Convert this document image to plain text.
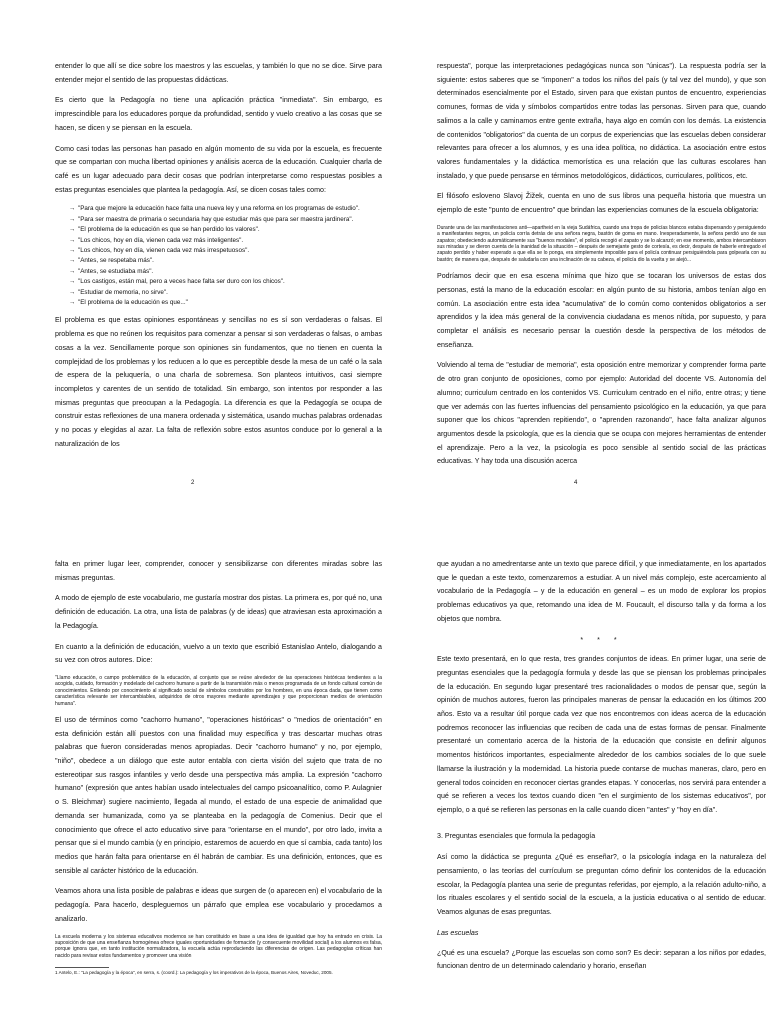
entender lo que allí se dice sobre los maestros y las escuelas, y también lo que no se dice. Sirve para entender mejor el sentido de las propuestas didácticas.

Es cierto que la Pedagogía no tiene una aplicación práctica "inmediata". Sin embargo, es imprescindible para los educadores porque da profundidad, sentido y vuelo creativo a las cosas que se hacen, se dicen y se piensan en la escuela.

Como casi todas las personas han pasado en algún momento de su vida por la escuela, es frecuente que se compartan con mucha libertad opiniones y análisis acerca de la educación. Cualquier charla de café es un lugar adecuado para decir cosas que podrían interpretarse como respuestas posibles a estas preguntas esenciales que plantea la pedagogía. Así, se dicen cosas tales como:

→ "Para que mejore la educación hace falta una nueva ley y una reforma en los programas de estudio".
→ "Para ser maestra de primaria o secundaria hay que estudiar más que para ser maestra jardinera".
→ "El problema de la educación es que se han perdido los valores".
→ "Los chicos, hoy en día, vienen cada vez más inteligentes".
→ "Los chicos, hoy en día, vienen cada vez más irrespetuosos".
→ "Antes, se respetaba más".
→ "Antes, se estudiaba más".
→ "Los castigos, están mal, pero a veces hace falta ser duro con los chicos".
→ "Estudiar de memoria, no sirve".
→ "El problema de la educación es que..."

El problema es que estas opiniones espontáneas y sencillas no es sí son verdaderas o falsas. El problema es que no reúnen los requisitos para comenzar a pensar si son verdaderas o falsas, o ambas cosas a la vez. Sencillamente porque son opiniones sin fundamentos, que no tienen en cuenta la complejidad de los problemas y los reducen a lo que es perceptible desde la mesa de un café o la sala de espera de la peluquería, o una charla de sobremesa. Son planteos intuitivos, casi siempre incompletos y carentes de un sentido de totalidad. Sin embargo, son intentos por responder a las mismas preguntas que preocupan a la Pedagogía. La diferencia es que la Pedagogía se ocupa de construir estas reflexiones de una manera ordenada y sistemática, usando muchas palabras ordenadas y no pocas y elegidas al azar. La falta de reflexión sobre estos asuntos conduce por lo general a la naturalización de los

2

respuesta", porque las interpretaciones pedagógicas nunca son "únicas"). La respuesta podría ser la siguiente: estos saberes que se "imponen" a todos los niños del país (y tal vez del mundo), y que son determinados esencialmente por el Estado, sirven para que existan puntos de encuentro, experiencias comunes, formas de vida y símbolos compartidos entre todas las personas. Sirven para que, cuando salimos a la calle y caminamos entre gente extraña, haya algo en común con los demás. La existencia de contenidos "obligatorios" da cuenta de un corpus de experiencias que las escuelas deben considerar relevantes para ofrecer a los alumnos, y es una idea política, no didáctica. La asociación entre estos valores fundamentales y la didáctica memorística es una relación que las culturas escolares han instalado, y que puede pensarse en términos metodológicos, didácticos, curriculares, políticos, etc.

El filósofo esloveno Slavoj Žižek, cuenta en uno de sus libros una pequeña historia que muestra un ejemplo de este "punto de encuentro" que brindan las experiencias comunes de la escuela obligatoria:

Durante una de las manifestaciones anti—apartheid en la vieja Sudáfrica, cuando una tropa de policías blancos estaba dispersando y persiguiendo a manifestantes negros, un policía corría detrás de una señora negra, bastón de goma en mano. Inesperadamente, la señora perdió uno de sus zapatos; obedeciendo automáticamente sus "buenos modales", el policía recogió el zapato y se lo alcanzó; en ese momento, ambos intercambiaron sus miradas y se dieron cuenta de la inanidad de la situación – después de semejante gesto de cortesía, es decir, después de haberle entregado el zapato perdido y haber esperado a que ella se lo ponga, era simplemente imposible para el policía continuar persiguiéndola para golpearla con su bastón; de manera que, después de saludarla con una inclinación de su cabeza, el policía dio la vuelta y se alejó...

Podríamos decir que en esa escena mínima que hizo que se tocaran los universos de estas dos personas, está la mano de la educación escolar: en algún punto de su historia, ambos tenían algo en común. La asociación entre esta idea "acumulativa" de lo común como contenidos obligatorios a ser aprendidos y la idea más general de la convivencia ciudadana es menos nítida, por supuesto, y para completar el análisis es necesario pensar la cuestión desde la perspectiva de los métodos de enseñanza.

Volviendo al tema de "estudiar de memoria", esta oposición entre memorizar y comprender forma parte de otro gran conjunto de oposiciones, como por ejemplo: Autoridad del docente VS. Autonomía del alumno; curriculum centrado en los contenidos VS. Curriculum centrado en el niño, entre otras; y tiene que ver además con las fuertes influencias del pensamiento psicológico en la educación, ya que para suponer que los chicos "aprenden repitiendo", o "aprenden razonando", hace falta analizar algunos argumentos desde la psicología, que es la ciencia que se ocupa con mejores herramientas de entender el aprendizaje. Pero a la vez, la psicología es poco sensible al sentido social de las prácticas educativas. Y hay toda una discusión acerca

4

falta en primer lugar leer, comprender, conocer y sensibilizarse con diferentes miradas sobre las mismas preguntas.

A modo de ejemplo de este vocabulario, me gustaría mostrar dos pistas. La primera es, por qué no, una definición de educación. La otra, una lista de palabras (y de ideas) que atraviesan esta aproximación a la Pedagogía.

En cuanto a la definición de educación, vuelvo a un texto que escribió Estanislao Antelo, dialogando a su vez con otros autores. Dice:

"Llamo educación, o campo problemático de la educación, al conjunto que se reúne alrededor de las operaciones históricas tendientes a la acogida, cuidado, formación y modelado del cachorro humano a partir de la transmisión más o menos programada de un fondo cultural común de conocimientos. Entiendo por conocimiento al significado social de símbolos construidos por los hombres, en una época dada, que tienen como característica relevante ser intercambiables, adquiridos de otros mayores mediante aprendizajes y que proporcionan medios de orientación humana".

El uso de términos como "cachorro humano", "operaciones históricas" o "medios de orientación" en esta definición están allí puestos con una finalidad muy específica y tras descartar muchas otras palabras que fueron consideradas menos apropiadas. Decir "cachorro humano" y no, por ejemplo, "niño", obedece a un diálogo que este autor entabla con cierta visión del sujeto que trata de no estereotipar sus rasgos infantiles y verlo desde una perspectiva más amplia. La expresión "cachorro humano" (expresión que antes habían usado intelectuales del campo psicoanalítico, como P. Aulagnier o S. Bleichmar) sugiere nacimiento, llegada al mundo, el estado de una especie de animalidad que demanda ser humanizada, como ya se planteaba en la pedagogía de Comenius. Decir que el conocimiento que ofrece el acto educativo sirve para "orientarse en el mundo", por otro lado, invita a pensar que si el mundo cambia (y en principio, estaremos de acuerdo en que sí cambia, cada tanto) los medios que harán falta para orientarse en él habrán de cambiar. Es una definición, entonces, que es sensible al carácter histórico de la educación.

Veamos ahora una lista posible de palabras e ideas que surgen de (o aparecen en) el vocabulario de la pedagogía. Para hacerlo, despleguemos un párrafo que emplea ese vocabulario y procedamos a analizarlo.

La escuela moderna y los sistemas educativos modernos se han constituido en base a una idea de igualdad que hoy ha entrado en crisis. La suposición de que una enseñanza homogénea ofrece iguales oportunidades de formación (y consecuente movilidad social) a los alumnos es falsa, porque ignora que, en tanto institución normalizadora, la escuela actúa reproduciendo las diferencias de origen. Las pedagogías críticas han nacido para revisar estos fundamentos y promover una visión

1 Antelo, E.: "La pedagogía y la época", en serra, s. (coord.): La pedagogía y los imperativos de la época, Buenos Aires, Noveduc, 2005.

que ayudan a no amedrentarse ante un texto que parece difícil, y que inmediatamente, en los apartados que le quedan a este texto, comenzaremos a estudiar. A un nivel más complejo, este acercamiento al vocabulario de la Pedagogía – y de la educación en general – es un modo de explorar los propios problemas educativos ya que, retomando una idea de M. Foucault, el discurso talla y da forma a los objetos que nombra.

* * *

Este texto presentará, en lo que resta, tres grandes conjuntos de ideas. En primer lugar, una serie de preguntas esenciales que la pedagogía formula y desde las que se piensan los problemas principales de la educación. En segundo lugar presentaré tres racionalidades o modos de pensar que, según la opinión de muchos autores, fueron las principales maneras de pensar la educación en los últimos 200 años. Esto va a resultar útil porque cada vez que nos encontremos con ideas acerca de la educación podremos reconocer las influencias que reciben de cada una de estas formas de pensar. Finalmente presentaré un comentario acerca de la historia de la educación que consiste en definir algunos momentos históricos importantes, especialmente alrededor de los cambios sociales de lo que suele llamarse la ilustración y la modernidad. La historia puede contarse de muchas maneras, claro, pero en general todos coinciden en reconocer ciertas grandes etapas. Y conocerlas, nos servirá para entender a qué se refieren a veces los textos cuando dicen "en el surgimiento de los sistemas educativos", por ejemplo, o a qué se refieren las personas en la calle cuando dicen "antes" y "hoy en día".

3. Preguntas esenciales que formula la pedagogía

Así como la didáctica se pregunta ¿Qué es enseñar?, o la psicología indaga en la naturaleza del pensamiento, o las teorías del currículum se preguntan cómo definir los contenidos de la educación escolar, la Pedagogía plantea una serie de preguntas referidas, por ejemplo, a la relación adulto-niño, a los rituales escolares y el sentido social de la escuela, a la justicia educativa o al sentido de educar. Veamos algunas de esas preguntas.

Las escuelas

¿Qué es una escuela? ¿Porque las escuelas son como son? Es decir: separan a los niños por edades, funcionan dentro de un determinado calendario y horario, enseñan
